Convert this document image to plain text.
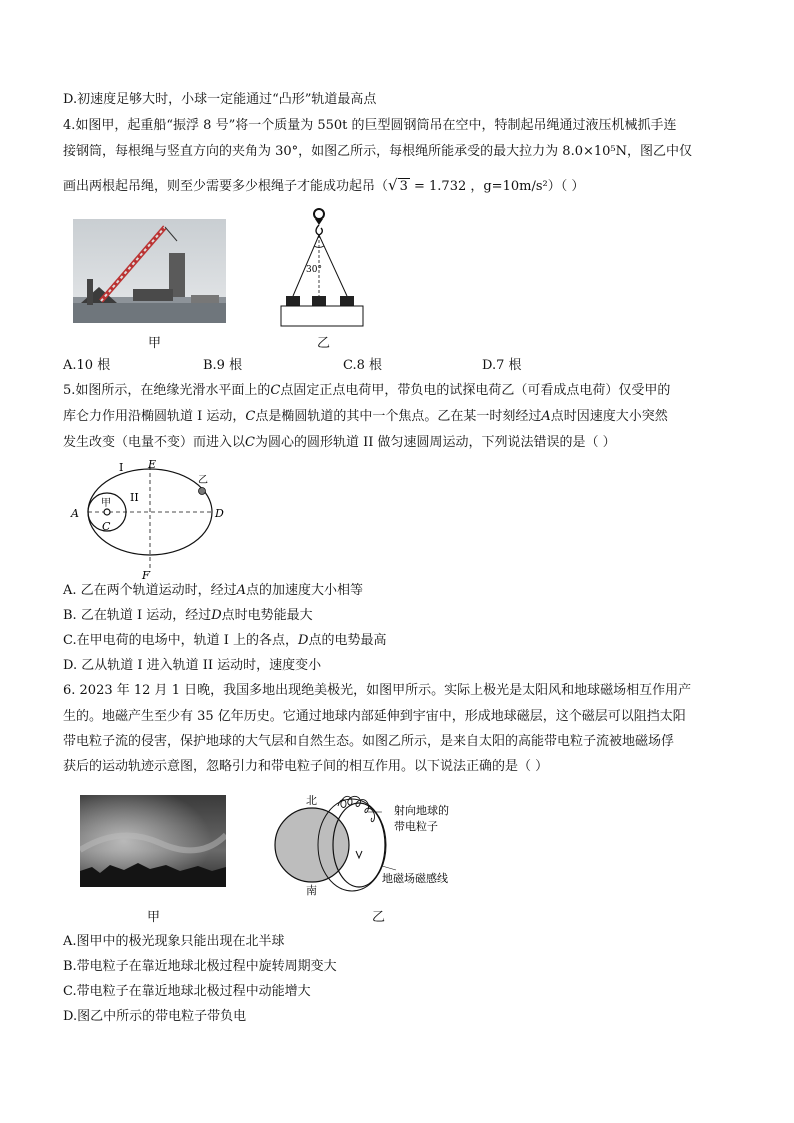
D.初速度足够大时，小球一定能通过“凸形”轨道最高点
4.如图甲，起重船“振浮 8 号”将一个质量为 550t 的巨型圆钢筒吊在空中，特制起吊绳通过液压机械抓手连
接钢筒，每根绳与竖直方向的夹角为 30°，如图乙所示，每根绳所能承受的最大拉力为 8.0×10⁵N，图乙中仅
画出两根起吊绳，则至少需要多少根绳子才能成功起吊（√ 3 = 1.732 ，g=10m/s²）（ ）
甲
30°
乙
A.10 根	B.9 根	C.8 根	D.7 根
5.如图所示，在绝缘光滑水平面上的C点固定正点电荷甲，带负电的试探电荷乙（可看成点电荷）仅受甲的
库仑力作用沿椭圆轨道 I 运动，C点是椭圆轨道的其中一个焦点。乙在某一时刻经过A点时因速度大小突然
发生改变（电量不变）而进入以C为圆心的圆形轨道 II 做匀速圆周运动，下列说法错误的是（ ）
I
II
E
F
A
C
D
甲
乙
A. 乙在两个轨道运动时，经过A点的加速度大小相等
B. 乙在轨道 I 运动，经过D点时电势能最大
C.在甲电荷的电场中，轨道 I 上的各点，D点的电势最高
D. 乙从轨道 I 进入轨道 II 运动时，速度变小
6. 2023 年 12 月 1 日晚，我国多地出现绝美极光，如图甲所示。实际上极光是太阳风和地球磁场相互作用产
生的。地磁产生至少有 35 亿年历史。它通过地球内部延伸到宇宙中，形成地球磁层，这个磁层可以阻挡太阳
带电粒子流的侵害，保护地球的大气层和自然生态。如图乙所示，是来自太阳的高能带电粒子流被地磁场俘
获后的运动轨迹示意图，忽略引力和带电粒子间的相互作用。以下说法正确的是（ ）
甲
北
南
射向地球的
带电粒子
地磁场磁感线
乙
A.图甲中的极光现象只能出现在北半球
B.带电粒子在靠近地球北极过程中旋转周期变大
C.带电粒子在靠近地球北极过程中动能增大
D.图乙中所示的带电粒子带负电
